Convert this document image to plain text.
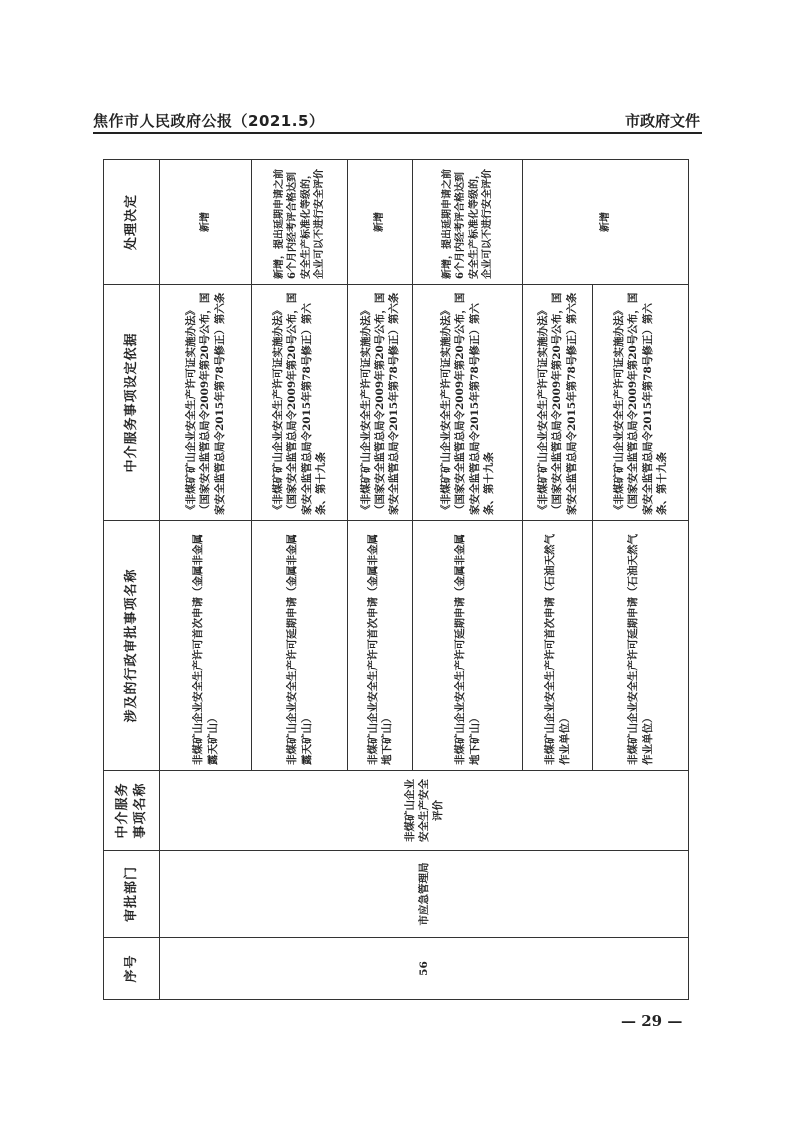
焦作市人民政府公报（2021.5）	市政府文件
序号	审批部门	中介服务事项名称	涉及的行政审批事项名称	中介服务事项设定依据	处理决定
56	市应急管理局	非煤矿山企业安全生产安全评价	非煤矿山企业安全生产许可首次申请（金属非金属露天矿山）	《非煤矿矿山企业安全生产许可证实施办法》（国家安全监管总局令2009年第20号公布，国家安全监管总局令2015年第78号修正）第六条	新增
			非煤矿山企业安全生产许可延期申请（金属非金属露天矿山）	《非煤矿矿山企业安全生产许可证实施办法》（国家安全监管总局令2009年第20号公布，国家安全监管总局令2015年第78号修正）第六条、第十九条	新增，提出延期申请之前6个月内经考评合格达到安全生产标准化等级的，企业可以不进行安全评价
			非煤矿山企业安全生产许可首次申请（金属非金属地下矿山）	《非煤矿矿山企业安全生产许可证实施办法》（国家安全监管总局令2009年第20号公布，国家安全监管总局令2015年第78号修正）第六条	新增
			非煤矿山企业安全生产许可延期申请（金属非金属地下矿山）	《非煤矿矿山企业安全生产许可证实施办法》（国家安全监管总局令2009年第20号公布，国家安全监管总局令2015年第78号修正）第六条、第十九条	新增，提出延期申请之前6个月内经考评合格达到安全生产标准化等级的，企业可以不进行安全评价
			非煤矿山企业安全生产许可首次申请（石油天然气作业单位）	《非煤矿矿山企业安全生产许可证实施办法》（国家安全监管总局令2009年第20号公布，国家安全监管总局令2015年第78号修正）第六条	新增
			非煤矿山企业安全生产许可延期申请（石油天然气作业单位）	《非煤矿矿山企业安全生产许可证实施办法》（国家安全监管总局令2009年第20号公布，国家安全监管总局令2015年第78号修正）第六条、第十九条	
— 29 —
